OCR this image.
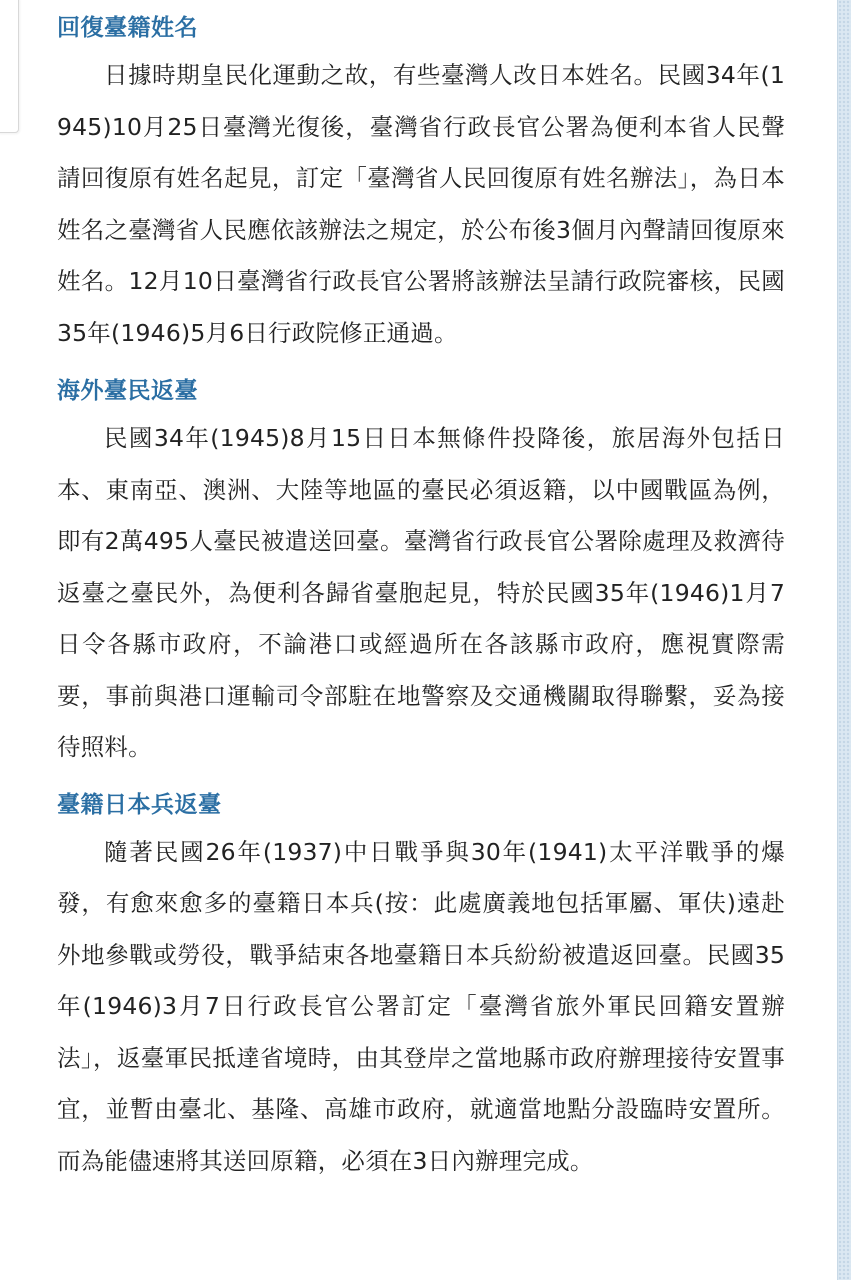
回復臺籍姓名

日據時期皇民化運動之故，有些臺灣人改日本姓名。民國34年(1945)10月25日臺灣光復後，臺灣省行政長官公署為便利本省人民聲請回復原有姓名起見，訂定「臺灣省人民回復原有姓名辦法」，為日本姓名之臺灣省人民應依該辦法之規定，於公布後3個月內聲請回復原來姓名。12月10日臺灣省行政長官公署將該辦法呈請行政院審核，民國35年(1946)5月6日行政院修正通過。

海外臺民返臺

民國34年(1945)8月15日日本無條件投降後，旅居海外包括日本、東南亞、澳洲、大陸等地區的臺民必須返籍，以中國戰區為例，即有2萬495人臺民被遣送回臺。臺灣省行政長官公署除處理及救濟待返臺之臺民外，為便利各歸省臺胞起見，特於民國35年(1946)1月7日令各縣市政府，不論港口或經過所在各該縣市政府，應視實際需要，事前與港口運輸司令部駐在地警察及交通機關取得聯繫，妥為接待照料。

臺籍日本兵返臺

隨著民國26年(1937)中日戰爭與30年(1941)太平洋戰爭的爆發，有愈來愈多的臺籍日本兵(按：此處廣義地包括軍屬、軍伕)遠赴外地參戰或勞役，戰爭結束各地臺籍日本兵紛紛被遣返回臺。民國35年(1946)3月7日行政長官公署訂定「臺灣省旅外軍民回籍安置辦法」，返臺軍民抵達省境時，由其登岸之當地縣市政府辦理接待安置事宜，並暫由臺北、基隆、高雄市政府，就適當地點分設臨時安置所。而為能儘速將其送回原籍，必須在3日內辦理完成。
